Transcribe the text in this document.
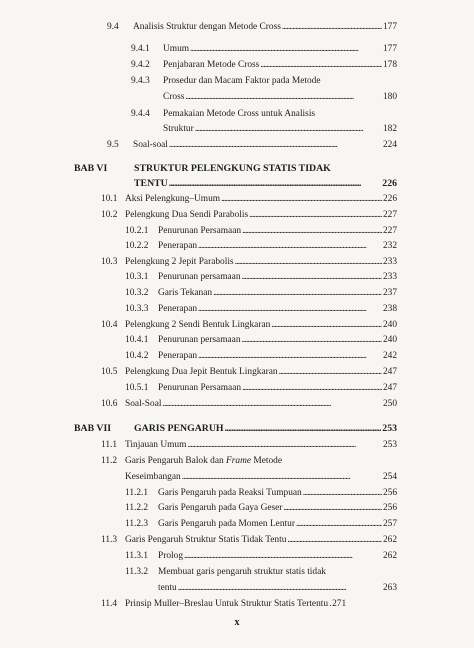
9.4 Analisis Struktur dengan Metode Cross . . .	177
9.4.1 Umum . . .	177
9.4.2 Penjabaran Metode Cross . . .	178
9.4.3 Prosedur dan Macam Faktor pada Metode
Cross . . .	180
9.4.4 Pemakaian Metode Cross untuk Analisis
Struktur . . .	182
9.5 Soal-soal . . .	224
BAB VI	STRUKTUR PELENGKUNG STATIS TIDAK
TENTU . . .	226
10.1 Aksi Pelengkung–Umum . . .	226
10.2 Pelengkung Dua Sendi Parabolis . . .	227
10.2.1 Penurunan Persamaan . . .	227
10.2.2 Penerapan . . .	232
10.3 Pelengkung 2 Jepit Parabolis . . .	233
10.3.1 Penurunan persamaan . . .	233
10.3.2 Garis Tekanan . . .	237
10.3.3 Penerapan . . .	238
10.4 Pelengkung 2 Sendi Bentuk Lingkaran . . .	240
10.4.1 Penurunan persamaan . . .	240
10.4.2 Penerapan . . .	242
10.5 Pelengkung Dua Jepit Bentuk Lingkaran . . .	247
10.5.1 Penurunan Persamaan . . .	247
10.6 Soal-Soal . . .	250
BAB VII GARIS PENGARUH . . .	253
11.1 Tinjauan Umum . . .	253
11.2 Garis Pengaruh Balok dan Frame Metode
Keseimbangan . . .	254
11.2.1 Garis Pengaruh pada Reaksi Tumpuan . . .	256
11.2.2 Garis Pengaruh pada Gaya Geser . . .	256
11.2.3 Garis Pengaruh pada Momen Lentur . . .	257
11.3 Garis Pengaruh Struktur Statis Tidak Tentu . . .	262
11.3.1 Prolog . . .	262
11.3.2 Membuat garis pengaruh struktur statis tidak
tentu . . .	263
11.4 Prinsip Muller–Breslau Untuk Struktur Statis Tertentu . . . 271
x
